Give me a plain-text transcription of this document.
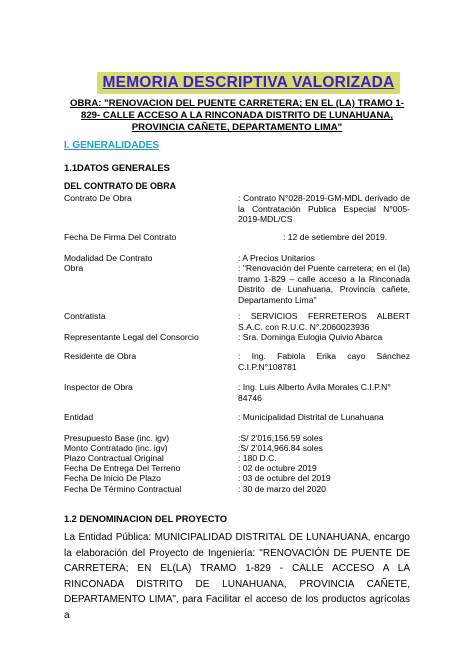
MEMORIA DESCRIPTIVA VALORIZADA
OBRA: "RENOVACION DEL PUENTE CARRETERA; EN EL (LA) TRAMO 1-829- CALLE ACCESO A LA RINCONADA DISTRITO DE LUNAHUANA, PROVINCIA CAÑETE, DEPARTAMENTO LIMA"
I. GENERALIDADES
1.1DATOS GENERALES
DEL CONTRATO DE OBRA
Contrato De Obra	: Contrato N°028-2019-GM-MDL derivado de la Contratación Publica Especial N°005-2019-MDL/CS
Fecha De Firma Del Contrato	: 12 de setiembre del 2019.
Modalidad De Contrato	: A Precios Unitarios
Obra	: "Renovación del Puente carretera; en el (la) tramo 1-829 – calle acceso a la Rinconada Distrito de Lunahuana, Provincia cañete, Departamento Lima"
Contratista	: SERVICIOS FERRETEROS ALBERT S.A.C. con R.U.C. N°.2060023936
Representante Legal del Consorcio	: Sra. Dominga Eulogia Quivio Abarca
Residente de Obra	: Ing. Fabiola Erika cayo Sánchez C.I.P.N°108781
Inspector de Obra	: Ing. Luis Alberto Ávila Morales C.I.P.N° 84746
Entidad	: Municipalidad Distrital de Lunahuana
Presupuesto Base (inc. igv)	:S/ 2'016,156.59 soles
Monto Contratado (inc. igv)	:S/ 2'014,966.84 soles
Plazo Contractual Original	: 180 D.C.
Fecha De Entrega Del Terreno	: 02 de octubre 2019
Fecha De Inicio De Plazo	: 03 de octubre del 2019
Fecha De Término Contractual	: 30 de marzo del 2020
1.2 DENOMINACION DEL PROYECTO
La Entidad Pública: MUNICIPALIDAD DISTRITAL DE LUNAHUANA, encargo la elaboración del Proyecto de Ingeniería: "RENOVACIÓN DE PUENTE DE CARRETERA; EN EL(LA) TRAMO 1-829 - CALLE ACCESO A LA RINCONADA DISTRITO DE LUNAHUANA, PROVINCIA CAÑETE, DEPARTAMENTO LIMA", para Facilitar el acceso de los productos agrícolas a
